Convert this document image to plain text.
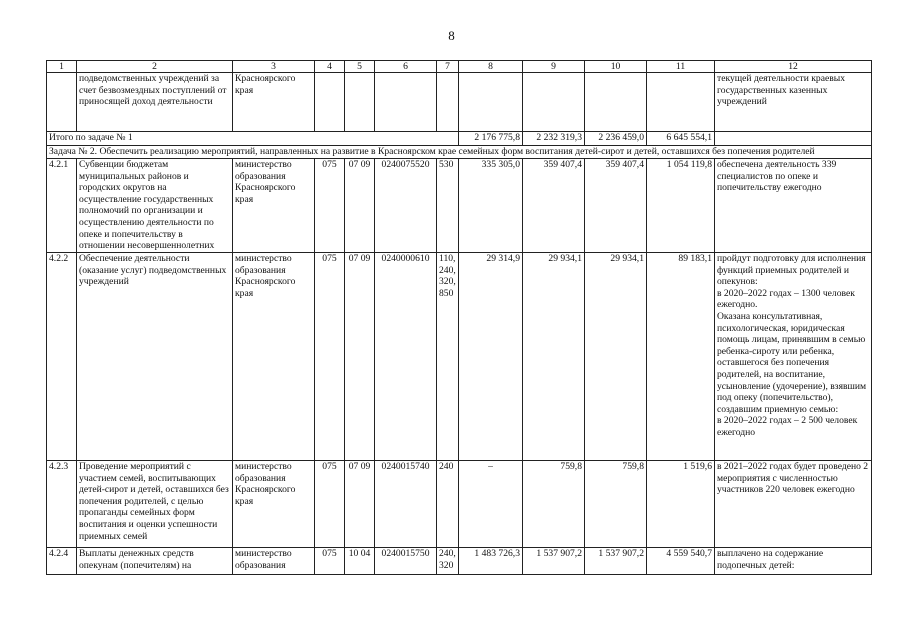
8
1	2	3	4	5	6	7	8	9	10	11	12
	подведомственных учреждений за счет безвозмездных поступлений от приносящей доход деятельности	Красноярского края									текущей деятельности краевых государственных казенных учреждений
Итого по задаче № 1							2 176 775,8	2 232 319,3	2 236 459,0	6 645 554,1	
Задача № 2. Обеспечить реализацию мероприятий, направленных на развитие в Красноярском крае семейных форм воспитания детей-сирот и детей, оставшихся без попечения родителей											
4.2.1	Субвенции бюджетам муниципальных районов и городских округов на осуществление государственных полномочий по организации и осуществлению деятельности по опеке и попечительству в отношении несовершеннолетних	министерство образования Красноярского края	075	07 09	0240075520	530	335 305,0	359 407,4	359 407,4	1 054 119,8	обеспечена деятельность 339 специалистов по опеке и попечительству ежегодно
4.2.2	Обеспечение деятельности (оказание услуг) подведомственных учреждений	министерство образования Красноярского края	075	07 09	0240000610	110, 240, 320, 850	29 314,9	29 934,1	29 934,1	89 183,1	пройдут подготовку для исполнения функций приемных родителей и опекунов:
в 2020–2022 годах – 1300 человек ежегодно.
Оказана консультативная, психологическая, юридическая помощь лицам, принявшим в семью ребенка-сироту или ребенка, оставшегося без попечения родителей, на воспитание, усыновление (удочерение), взявшим под опеку (попечительство), создавшим приемную семью:
в 2020–2022 годах – 2 500 человек ежегодно

4.2.3	Проведение мероприятий с участием семей, воспитывающих детей-сирот и детей, оставшихся без попечения родителей, с целью пропаганды семейных форм воспитания и оценки успешности приемных семей	министерство образования Красноярского края	075	07 09	0240015740	240	–	759,8	759,8	1 519,6	в 2021–2022 годах будет проведено 2 мероприятия с численностью участников 220 человек ежегодно
4.2.4	Выплаты денежных средств опекунам (попечителям) на	министерство образования	075	10 04	0240015750	240, 320	1 483 726,3	1 537 907,2	1 537 907,2	4 559 540,7	выплачено на содержание подопечных детей:
